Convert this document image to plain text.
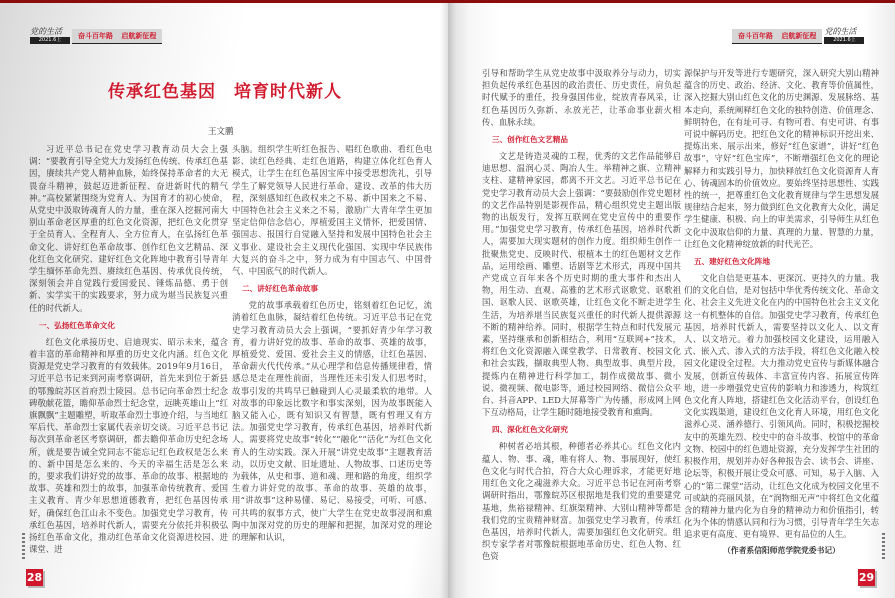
28
党的生活
2021.6上	奋斗百年路 启航新征程
传承红色基因　培育时代新人
王文鹏

习近平总书记在党史学习教育动员大会上强调：“要教育引导全党大力发扬红色传统、传承红色基因，赓续共产党人精神血脉，始终保持革命者的大无畏奋斗精神，鼓起迈进新征程、奋进新时代的精气神。”高校紧紧围绕为党育人、为国育才的初心使命，从党史中汲取铸魂育人的力量，重在深入挖掘河南大别山革命老区厚重的红色文化资源，把红色文化贯穿于全员育人、全程育人、全方位育人，在弘扬红色革命文化、讲好红色革命故事、创作红色文艺精品、深化红色文化研究、建好红色文化阵地中教育引导青年学生缅怀革命先烈、赓续红色基因、传承优良传统，深刻领会并自觉践行爱国爱民、锤炼品德、勇于创新、实学实干的实践要求，努力成为堪当民族复兴重任的时代新人。

一、弘扬红色革命文化

红色文化承接历史、启迪现实、昭示未来，蕴含着丰富的革命精神和厚重的历史文化内涵。红色文化资源是党史学习教育的有效载体。2019年9月16日，习近平总书记来到河南考察调研，首先来到位于新县的鄂豫皖苏区首府烈士陵园。总书记向革命烈士纪念碑敬献花篮，瞻仰革命烈士纪念堂，远眺英雄山上“红旗飘飘”主题雕塑，听取革命烈士事迹介绍，与当地红军后代、革命烈士家属代表亲切交谈。习近平总书记每次到革命老区考察调研，都去瞻仰革命历史纪念场所，就是要告诫全党同志不能忘记红色政权是怎么来的、新中国是怎么来的、今天的幸福生活是怎么来的，要求我们讲好党的故事、革命的故事、根据地的故事、英雄和烈士的故事，加强革命传统教育、爱国主义教育、青少年思想道德教育，把红色基因传承好，确保红色江山永不变色。加强党史学习教育，传承红色基因，培养时代新人，需要充分依托并积极弘扬红色革命文化，推动红色革命文化资源进校园、进课堂、进

头脑。组织学生听红色报告、唱红色歌曲、看红色电影、读红色经典、走红色道路，构建立体化红色育人模式，让学生在红色基因宝库中接受思想洗礼，引导学生了解党领导人民进行革命、建设、改革的伟大历程，深刻感知红色政权来之不易、新中国来之不易、中国特色社会主义来之不易，激励广大青年学生更加坚定信仰信念信心，厚植爱国主义情怀，把爱国情、强国志、报国行自觉融入坚持和发展中国特色社会主义事业、建设社会主义现代化强国、实现中华民族伟大复兴的奋斗之中，努力成为有中国志气、中国骨气、中国底气的时代新人。

二、讲好红色革命故事

党的故事承载着红色历史，铭刻着红色记忆，流淌着红色血脉，凝结着红色传统。习近平总书记在党史学习教育动员大会上强调，“要抓好青少年学习教育，着力讲好党的故事、革命的故事、英雄的故事，厚植爱党、爱国、爱社会主义的情感，让红色基因、革命薪火代代传承。”从心理学和信息传播规律看，情感总是走在理性前面，当理性还未引发人们思考时，故事引发的共鸣早已触碰到人心灵最柔软的地带。人对故事的印象远比数字和事实深刻，因为故事既能入脑又能入心，既有知识又有智慧，既有哲理又有方法。加强党史学习教育，传承红色基因，培养时代新人，需要将党史故事“转化”“融化”“活化”为红色文化育人的生动实践。深入开展“讲党史故事”主题教育活动，以历史文献、旧址遗址、人物故事、口述历史等为载体，从史和事、道和魂、理和路的角度，组织学生着力讲好党的故事、革命的故事、英雄的故事，用“讲故事”这种易懂、易记、易接受，可听、可感、可共鸣的叙事方式，使广大学生在党史故事浸润和熏陶中加深对党的历史的理解和把握，加深对党的理论的理解和认识，

29
奋斗百年路 启航新征程	党的生活
2021.6上

引导和帮助学生从党史故事中汲取养分与动力，切实担负起传承红色基因的政治责任、历史责任，肩负起时代赋予的重任，投身强国伟业，绽放青春风采，让红色基因历久弥新、永放光芒，让革命事业薪火相传、血脉永续。

三、创作红色文艺精品

文艺是铸造灵魂的工程，优秀的文艺作品能够启迪思想、温润心灵、陶冶人生。举精神之旗、立精神支柱、建精神家园，都离不开文艺。习近平总书记在党史学习教育动员大会上强调：“要鼓励创作党史题材的文艺作品特别是影视作品，精心组织党史主题出版物的出版发行，发挥互联网在党史宣传中的重要作用。”加强党史学习教育，传承红色基因，培养时代新人，需要加大现实题材的创作力度。组织师生创作一批聚焦党史、反映时代、根植本土的红色题材文艺作品，运用绘画、雕塑、话剧等艺术形式，再现中国共产党成立百年来各个历史时期的重大事件和杰出人物，用生动、直观、高雅的艺术形式讴歌党、讴歌祖国、讴歌人民、讴歌英雄，让红色文化不断走进学生生活，为培养堪当民族复兴重任的时代新人提供源源不断的精神给养。同时，根据学生特点和时代发展元素，坚持继承和创新相结合，利用“互联网+”技术，将红色文化资源融入课堂教学、日常教育、校园文化和社会实践，撷取典型人物、典型故事、典型片段，提炼内在精神进行科学加工，制作成微故事、微小说、微视频、微电影等，通过校园网络、微信公众平台、抖音APP、LED大屏幕等广为传播，形成网上网下互动格局，让学生随时随地接受教育和熏陶。

四、深化红色文化研究

种树者必培其根，种德者必养其心。红色文化内蕴人、物、事、魂，唯有将人、物、事展现好，使红色文化与时代合拍，符合大众心理诉求，才能更好地用红色文化之魂滋养大众。习近平总书记在河南考察调研时指出，鄂豫皖苏区根据地是我们党的重要建党基地，焦裕禄精神、红旗渠精神、大别山精神等都是我们党的宝贵精神财富。加强党史学习教育，传承红色基因，培养时代新人，需要加强红色文化研究。组织专家学者对鄂豫皖根据地革命历史、红色人物、红色资

源保护与开发等进行专题研究，深入研究大别山精神蕴含的历史、政治、经济、文化、教育等价值属性，深入挖掘大别山红色文化的历史渊源、发展脉络、基本走向，系统阐释红色文化的独特创造、价值理念、鲜明特色，在有址可寻、有物可看、有史可讲、有事可说中解码历史。把红色文化的精神标识开挖出来、提炼出来、展示出来，修好“红色家谱”，讲好“红色故事”，守好“红色宝库”，不断增强红色文化的理论解释力和实践引导力，加快释放红色文化资源育人育心、铸魂固本的价值效应。要始终坚持思想性、实践性的统一，把尊重红色文化教育规律与学生思想发展规律结合起来，努力做到红色文化教育大众化，满足学生健康、积极、向上的审美需求，引导师生从红色文化中汲取信仰的力量、真理的力量、智慧的力量，让红色文化精神绽放新的时代光芒。

五、建好红色文化阵地

文化自信是更基本、更深沉、更持久的力量。我们的文化自信，是对包括中华优秀传统文化、革命文化、社会主义先进文化在内的中国特色社会主义文化这一有机整体的自信。加强党史学习教育，传承红色基因，培养时代新人，需要坚持以文化人、以文育人、以文培元。着力加强校园文化建设，运用融入式、嵌入式、渗入式的方法手段，将红色文化融入校园文化建设全过程。大力推动党史宣传与新媒体融合发展，创新宣传载体、丰富宣传内容、拓展宣传阵地，进一步增强党史宣传的影响力和渗透力，构筑红色文化育人阵地，搭建红色文化活动平台，创设红色文化实践渠道，建设红色文化育人环境，用红色文化滋养心灵、涵养德行、引领风尚。同时，积极挖掘校友中的英雄先烈、校史中的奋斗故事、校馆中的革命文物、校园中的红色遗址资源，充分发挥学生社团的积极作用，规划并办好各种报告会、读书会、讲座、论坛等，积极开展让受众可感、可知，易于入脑、入心的“第二课堂”活动，让红色文化成为校园文化里不可或缺的亮丽风景，在“润物细无声”中将红色文化蕴含的精神力量内化为自身的精神动力和价值指引，转化为个体的情感认同和行为习惯，引导青年学生矢志追求更有高度、更有境界、更有品位的人生。

（作者系信阳师范学院党委书记）
